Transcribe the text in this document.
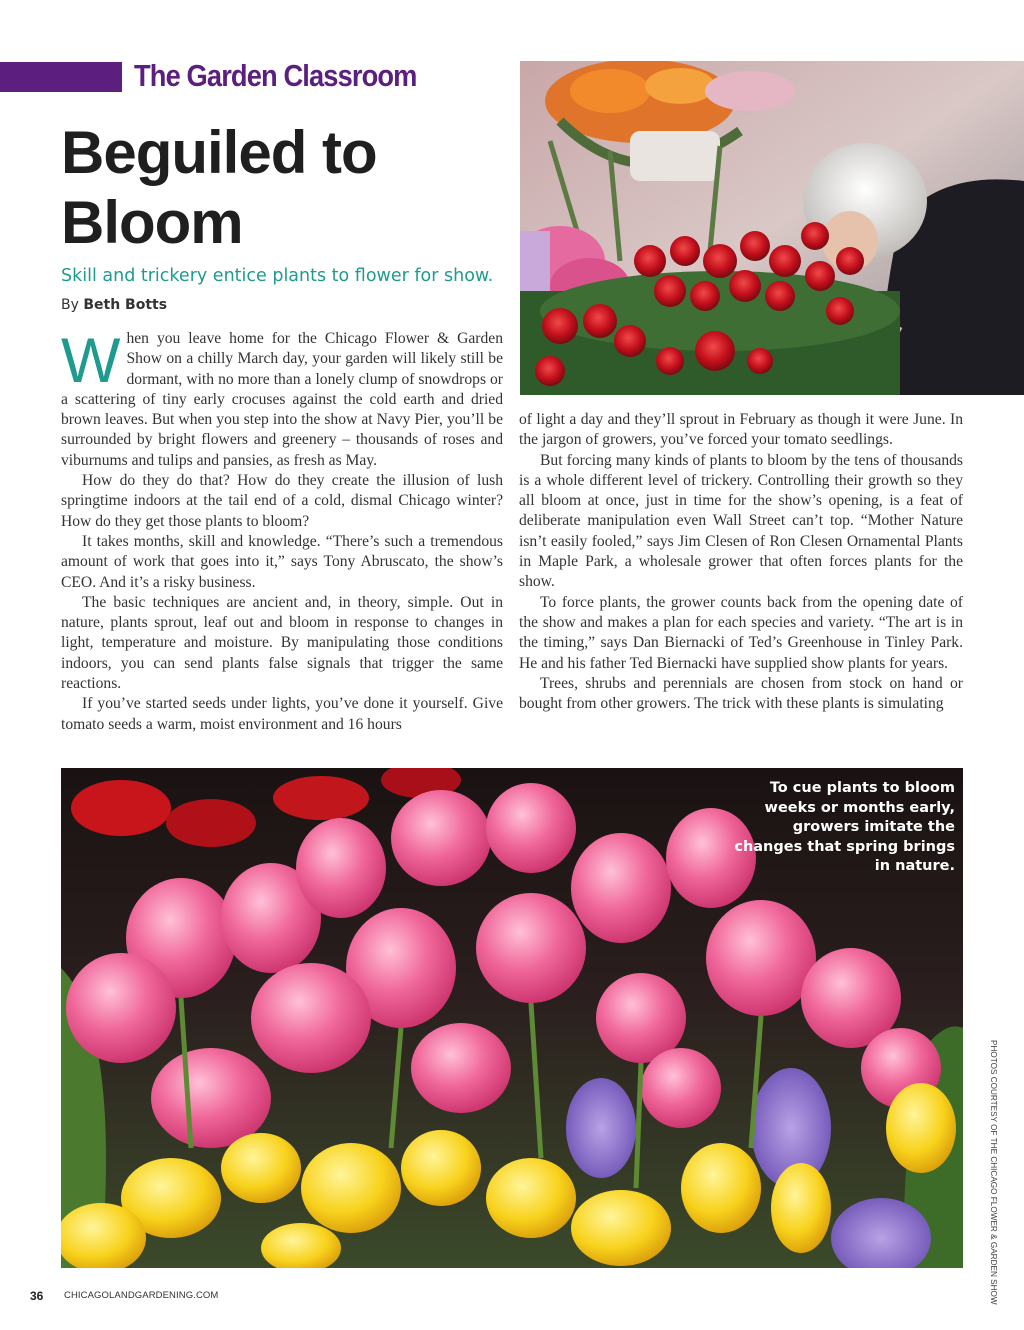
The Garden Classroom
Beguiled to Bloom
Skill and trickery entice plants to flower for show.
By Beth Botts

When you leave home for the Chicago Flower & Garden Show on a chilly March day, your garden will likely still be dormant, with no more than a lonely clump of snowdrops or a scattering of tiny early crocuses against the cold earth and dried brown leaves. But when you step into the show at Navy Pier, you’ll be surrounded by bright flowers and greenery – thousands of roses and viburnums and tulips and pansies, as fresh as May.

How do they do that? How do they create the illusion of lush springtime indoors at the tail end of a cold, dismal Chicago winter? How do they get those plants to bloom?

It takes months, skill and knowledge. “There’s such a tremendous amount of work that goes into it,” says Tony Abruscato, the show’s CEO. And it’s a risky business.

The basic techniques are ancient and, in theory, simple. Out in nature, plants sprout, leaf out and bloom in response to changes in light, temperature and moisture. By manipulating those conditions indoors, you can send plants false signals that trigger the same reactions.

If you’ve started seeds under lights, you’ve done it yourself. Give tomato seeds a warm, moist environment and 16 hours

of light a day and they’ll sprout in February as though it were June. In the jargon of growers, you’ve forced your tomato seedlings.

But forcing many kinds of plants to bloom by the tens of thousands is a whole different level of trickery. Controlling their growth so they all bloom at once, just in time for the show’s opening, is a feat of deliberate manipulation even Wall Street can’t top. “Mother Nature isn’t easily fooled,” says Jim Clesen of Ron Clesen Ornamental Plants in Maple Park, a wholesale grower that often forces plants for the show.

To force plants, the grower counts back from the opening date of the show and makes a plan for each species and variety. “The art is in the timing,” says Dan Biernacki of Ted’s Greenhouse in Tinley Park. He and his father Ted Biernacki have supplied show plants for years.

Trees, shrubs and perennials are chosen from stock on hand or bought from other growers. The trick with these plants is simulating

To cue plants to bloom weeks or months early, growers imitate the changes that spring brings in nature.
PHOTOS COURTESY OF THE CHICAGO FLOWER & GARDEN SHOW
36 CHICAGOLANDGARDENING.COM
